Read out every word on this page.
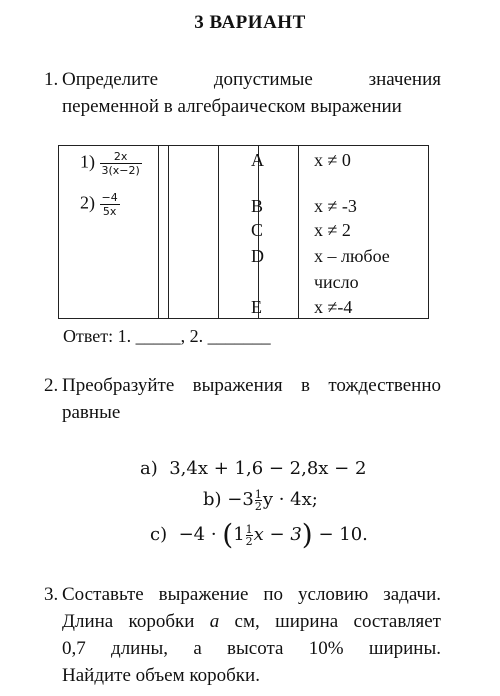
3 ВАРИАНТ
1. Определите допустимые значения
переменной в алгебраическом выражении
$1) \frac{2x}{3(x-2)}$
$2) \frac{-4}{5x}$
A	x ≠ 0
B	x ≠ -3
C	x ≠ 2
D	x – любое
число
E	x ≠-4
Ответ: 1. _____, 2. _______
2. Преобразуйте выражения в тождественно
равные
a) 3,4x + 1,6 − 2,8x − 2
$b) -3 \frac{1}{2}$ y · 4x;
$c) -4 \cdot (1 \frac{1}{2}$ x − 3) − 10.
3. Составьте выражение по условию задачи.
Длина коробки a см, ширина составляет
0,7 длины, а высота 10% ширины.
Найдите объем коробки.
